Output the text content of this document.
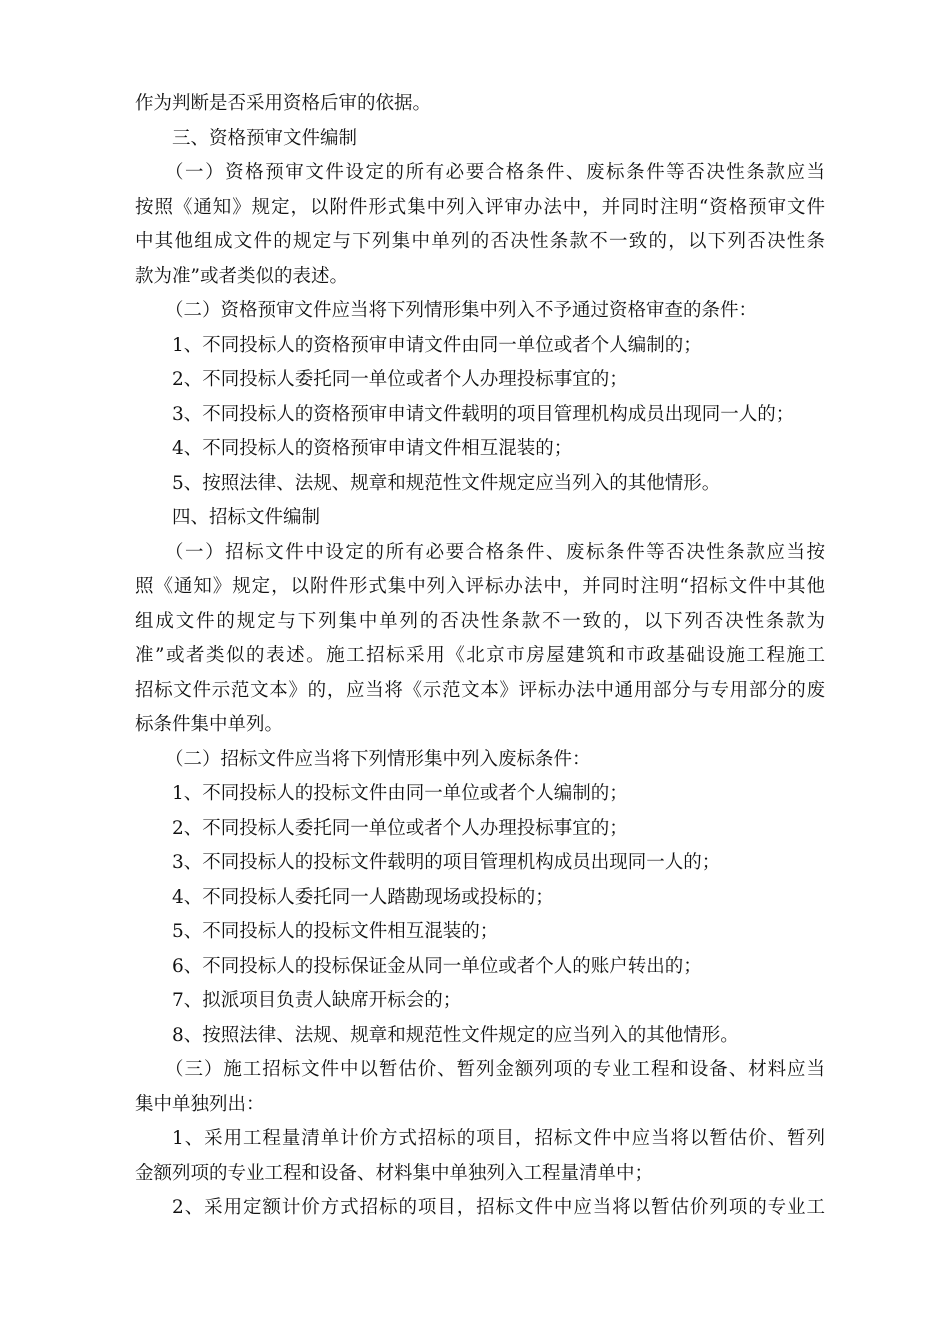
作为判断是否采用资格后审的依据。
三、资格预审文件编制
（一）资格预审文件设定的所有必要合格条件、废标条件等否决性条款应当
按照《通知》规定，以附件形式集中列入评审办法中，并同时注明“资格预审文件
中其他组成文件的规定与下列集中单列的否决性条款不一致的，以下列否决性条
款为准”或者类似的表述。
（二）资格预审文件应当将下列情形集中列入不予通过资格审查的条件：
1、不同投标人的资格预审申请文件由同一单位或者个人编制的；
2、不同投标人委托同一单位或者个人办理投标事宜的；
3、不同投标人的资格预审申请文件载明的项目管理机构成员出现同一人的；
4、不同投标人的资格预审申请文件相互混装的；
5、按照法律、法规、规章和规范性文件规定应当列入的其他情形。
四、招标文件编制
（一）招标文件中设定的所有必要合格条件、废标条件等否决性条款应当按
照《通知》规定，以附件形式集中列入评标办法中，并同时注明“招标文件中其他
组成文件的规定与下列集中单列的否决性条款不一致的，以下列否决性条款为
准”或者类似的表述。施工招标采用《北京市房屋建筑和市政基础设施工程施工
招标文件示范文本》的，应当将《示范文本》评标办法中通用部分与专用部分的废
标条件集中单列。
（二）招标文件应当将下列情形集中列入废标条件：
1、不同投标人的投标文件由同一单位或者个人编制的；
2、不同投标人委托同一单位或者个人办理投标事宜的；
3、不同投标人的投标文件载明的项目管理机构成员出现同一人的；
4、不同投标人委托同一人踏勘现场或投标的；
5、不同投标人的投标文件相互混装的；
6、不同投标人的投标保证金从同一单位或者个人的账户转出的；
7、拟派项目负责人缺席开标会的；
8、按照法律、法规、规章和规范性文件规定的应当列入的其他情形。
（三）施工招标文件中以暂估价、暂列金额列项的专业工程和设备、材料应当
集中单独列出：
1、采用工程量清单计价方式招标的项目，招标文件中应当将以暂估价、暂列
金额列项的专业工程和设备、材料集中单独列入工程量清单中；
2、采用定额计价方式招标的项目，招标文件中应当将以暂估价列项的专业工
